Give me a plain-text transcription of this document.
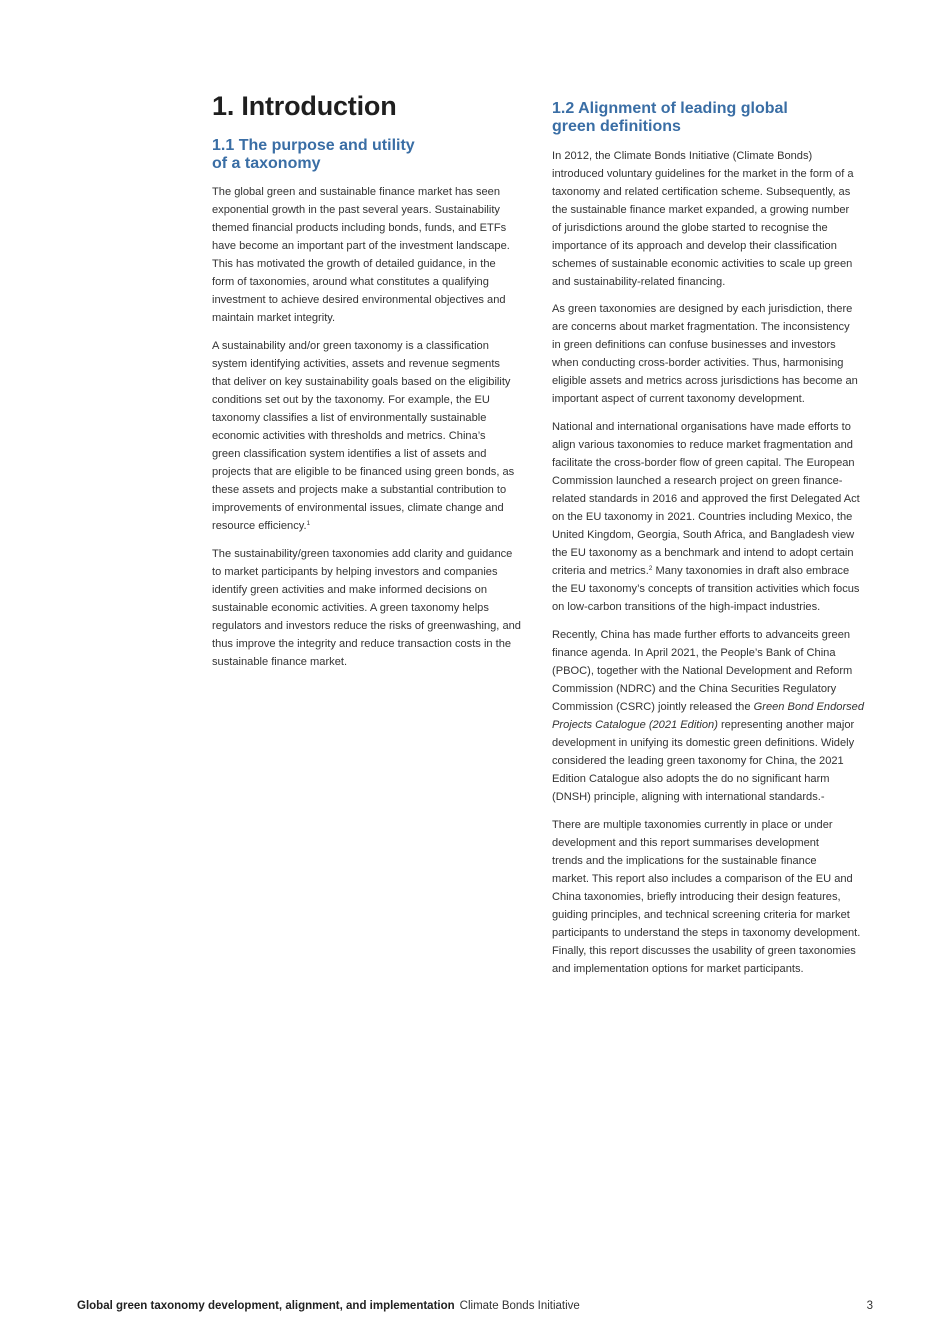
1. Introduction
1.1 The purpose and utility
of a taxonomy

The global green and sustainable finance market has seen
exponential growth in the past several years. Sustainability
themed financial products including bonds, funds, and ETFs
have become an important part of the investment landscape.
This has motivated the growth of detailed guidance, in the
form of taxonomies, around what constitutes a qualifying
investment to achieve desired environmental objectives and
maintain market integrity.

A sustainability and/or green taxonomy is a classification
system identifying activities, assets and revenue segments
that deliver on key sustainability goals based on the eligibility
conditions set out by the taxonomy. For example, the EU
taxonomy classifies a list of environmentally sustainable
economic activities with thresholds and metrics. China’s
green classification system identifies a list of assets and
projects that are eligible to be financed using green bonds, as
these assets and projects make a substantial contribution to
improvements of environmental issues, climate change and
resource efficiency.$^1$

The sustainability/green taxonomies add clarity and guidance
to market participants by helping investors and companies
identify green activities and make informed decisions on
sustainable economic activities. A green taxonomy helps
regulators and investors reduce the risks of greenwashing, and
thus improve the integrity and reduce transaction costs in the
sustainable finance market.

1.2 Alignment of leading global
green definitions

In 2012, the Climate Bonds Initiative (Climate Bonds)
introduced voluntary guidelines for the market in the form of a
taxonomy and related certification scheme. Subsequently, as
the sustainable finance market expanded, a growing number
of jurisdictions around the globe started to recognise the
importance of its approach and develop their classification
schemes of sustainable economic activities to scale up green
and sustainability-related financing.

As green taxonomies are designed by each jurisdiction, there
are concerns about market fragmentation. The inconsistency
in green definitions can confuse businesses and investors
when conducting cross-border activities. Thus, harmonising
eligible assets and metrics across jurisdictions has become an
important aspect of current taxonomy development.

National and international organisations have made efforts to
align various taxonomies to reduce market fragmentation and
facilitate the cross-border flow of green capital. The European
Commission launched a research project on green finance-
related standards in 2016 and approved the first Delegated Act
on the EU taxonomy in 2021. Countries including Mexico, the
United Kingdom, Georgia, South Africa, and Bangladesh view
the EU taxonomy as a benchmark and intend to adopt certain
criteria and metrics.$^2$ Many taxonomies in draft also embrace
the EU taxonomy’s concepts of transition activities which focus
on low-carbon transitions of the high-impact industries.

Recently, China has made further efforts to advanceits green
finance agenda. In April 2021, the People’s Bank of China
(PBOC), together with the National Development and Reform
Commission (NDRC) and the China Securities Regulatory
Commission (CSRC) jointly released the Green Bond Endorsed
Projects Catalogue (2021 Edition) representing another major
development in unifying its domestic green definitions. Widely
considered the leading green taxonomy for China, the 2021
Edition Catalogue also adopts the do no significant harm
(DNSH) principle, aligning with international standards.-

There are multiple taxonomies currently in place or under
development and this report summarises development
trends and the implications for the sustainable finance
market. This report also includes a comparison of the EU and
China taxonomies, briefly introducing their design features,
guiding principles, and technical screening criteria for market
participants to understand the steps in taxonomy development.
Finally, this report discusses the usability of green taxonomies
and implementation options for market participants.

Global green taxonomy development, alignment, and implementation Climate Bonds Initiative	3
